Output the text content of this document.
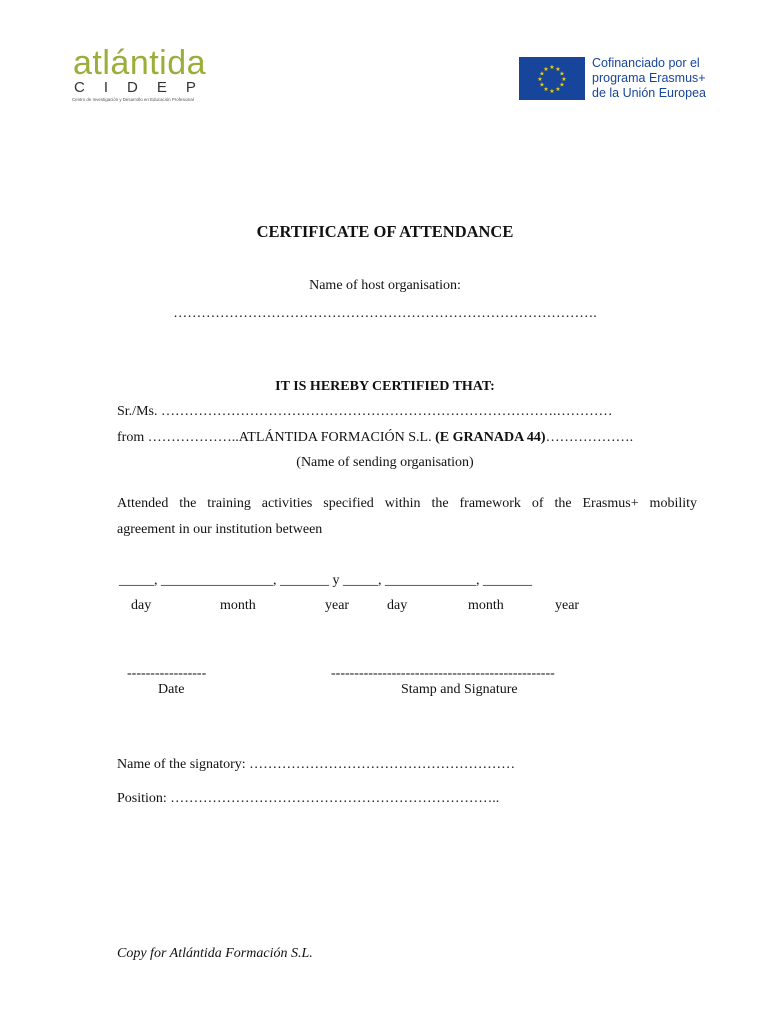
atlántida
CIDEP
Centro de Investigación y Desarrollo en Educación Profesional
★ ★
★
★
★
★
★
★
★
★
★
★	Cofinanciado por el
programa Erasmus+
de la Unión Europea
CERTIFICATE OF ATTENDANCE
Name of host organisation:
……………………………………………………………………………….
IT IS HEREBY CERTIFIED THAT:
Sr./Ms. ………………………………………………………………………….…………
from ………………..ATLÁNTIDA FORMACIÓN S.L. (E GRANADA 44)……………….
(Name of sending organisation)
Attended the training activities specified within the framework of the Erasmus+ mobility
agreement in our institution between
_____, ________________, _______ y _____, _____________, _______
day	month	year	day	month	year
-----------------
Date
------------------------------------------------
Stamp and Signature
Name of the signatory: …………………………………………………
Position: ……………………………………………………………..
Copy for Atlántida Formación S.L.
